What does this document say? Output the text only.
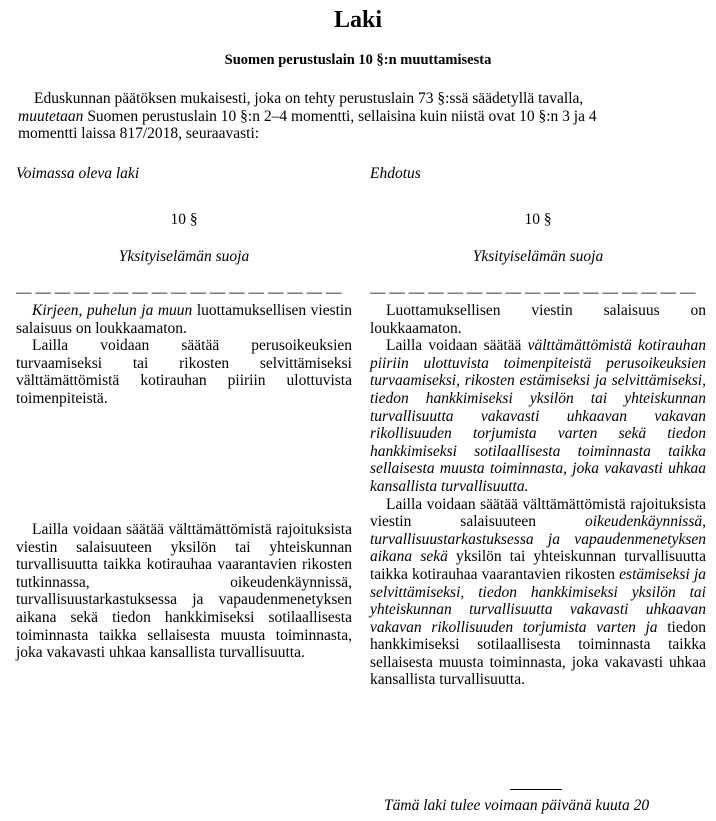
Laki
Suomen perustuslain 10 §:n muuttamisesta
Eduskunnan päätöksen mukaisesti, joka on tehty perustuslain 73 §:ssä säädetyllä tavalla,
muutetaan Suomen perustuslain 10 §:n 2–4 momentti, sellaisina kuin niistä ovat 10 §:n 3 ja 4
momentti laissa 817/2018, seuraavasti:
Voimassa oleva laki
10 §
Yksityiselämän suoja
— — — — — — — — — — — — — — — — —

Kirjeen, puhelun ja muun luottamuksellisen viestin salaisuus on loukkaamaton.

Lailla voidaan säätää perusoikeuksien turvaamiseksi tai rikosten selvittämiseksi välttämättömistä kotirauhan piiriin ulottuvista toimenpiteistä.

Lailla voidaan säätää välttämättömistä rajoituksista viestin salaisuuteen yksilön tai yhteiskunnan turvallisuutta taikka kotirauhaa vaarantavien rikosten tutkinnassa, oikeudenkäynnissä, turvallisuustarkastuksessa ja vapaudenmenetyksen aikana sekä tiedon hankkimiseksi sotilaallisesta toiminnasta taikka sellaisesta muusta toiminnasta, joka vakavasti uhkaa kansallista turvallisuutta.

Ehdotus
10 §
Yksityiselämän suoja
— — — — — — — — — — — — — — — — —

Luottamuksellisen viestin salaisuus on loukkaamaton.

Lailla voidaan säätää välttämättömistä kotirauhan piiriin ulottuvista toimenpiteistä perusoikeuksien turvaamiseksi, rikosten estämiseksi ja selvittämiseksi, tiedon hankkimiseksi yksilön tai yhteiskunnan turvallisuutta vakavasti uhkaavan vakavan rikollisuuden torjumista varten sekä tiedon hankkimiseksi sotilaallisesta toiminnasta taikka sellaisesta muusta toiminnasta, joka vakavasti uhkaa kansallista turvallisuutta.

Lailla voidaan säätää välttämättömistä rajoituksista viestin salaisuuteen oikeudenkäynnissä, turvallisuustarkastuksessa ja vapaudenmenetyksen aikana sekä yksilön tai yhteiskunnan turvallisuutta taikka kotirauhaa vaarantavien rikosten estämiseksi ja selvittämiseksi, tiedon hankkimiseksi yksilön tai yhteiskunnan turvallisuutta vakavasti uhkaavan vakavan rikollisuuden torjumista varten ja tiedon hankkimiseksi sotilaallisesta toiminnasta taikka sellaisesta muusta toiminnasta, joka vakavasti uhkaa kansallista turvallisuutta.

Tämä laki tulee voimaan päivänä kuuta 20
